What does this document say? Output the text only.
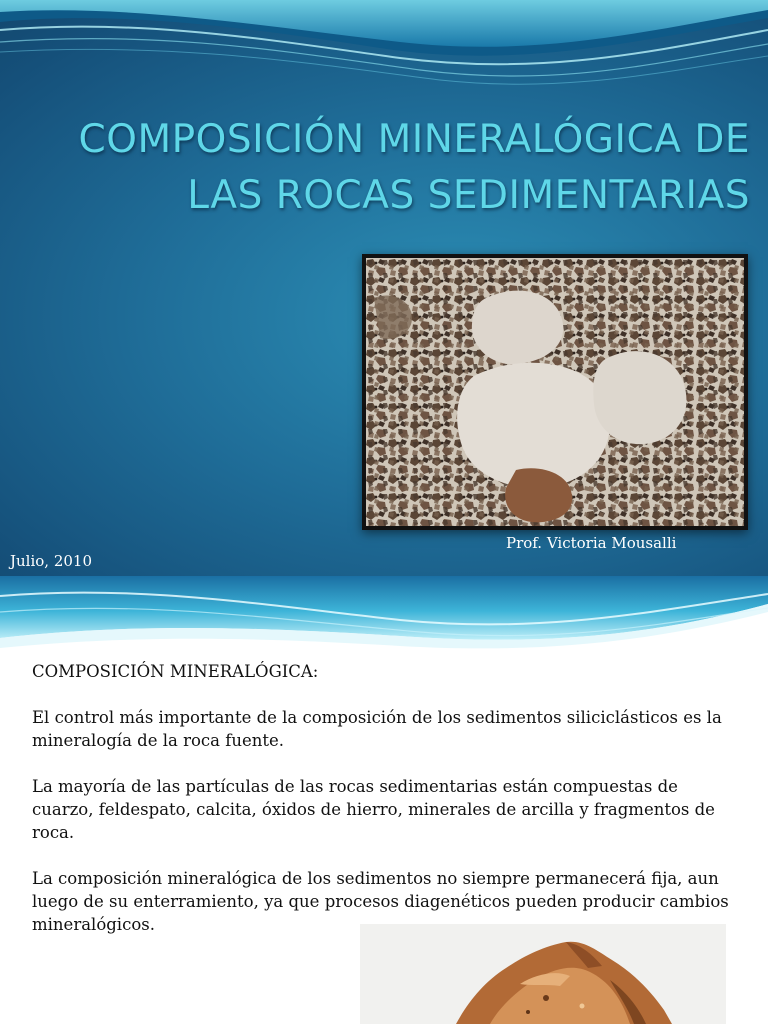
COMPOSICIÓN MINERALÓGICA DE
LAS ROCAS SEDIMENTARIAS
Prof. Victoria Mousalli
Julio, 2010

COMPOSICIÓN MINERALÓGICA:

El control más importante de la composición de los sedimentos siliciclásticos es la mineralogía de la roca fuente.

La mayoría de las partículas de las rocas sedimentarias están compuestas de cuarzo, feldespato, calcita, óxidos de hierro, minerales de arcilla y fragmentos de roca.

La composición mineralógica de los sedimentos no siempre permanecerá fija, aun luego de su enterramiento, ya que procesos diagenéticos pueden producir cambios mineralógicos.
